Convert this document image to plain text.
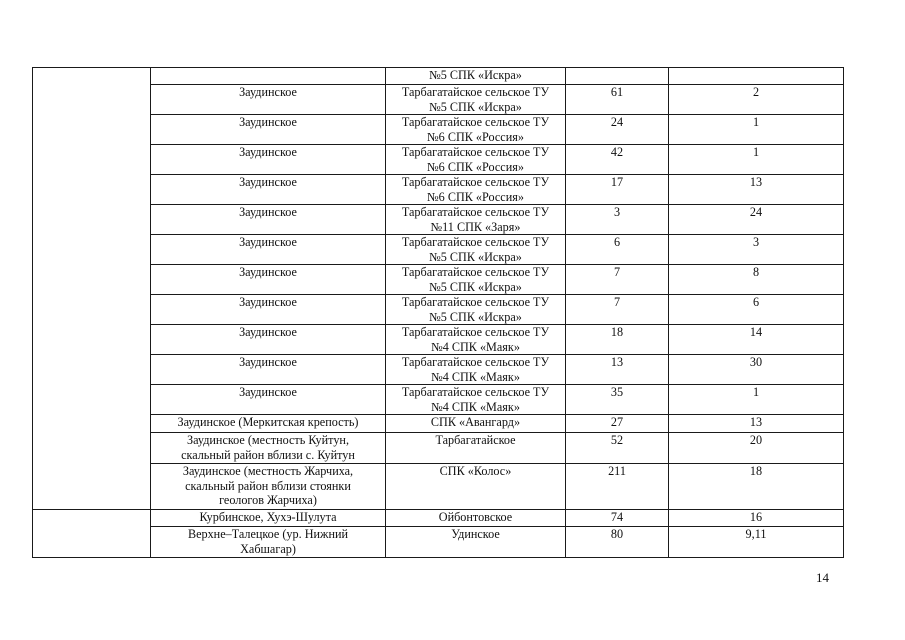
		№5 СПК «Искра»		
	Заудинское	Тарбагатайское сельское ТУ
№5 СПК «Искра»	61	2
	Заудинское	Тарбагатайское сельское ТУ
№6 СПК «Россия»	24	1
	Заудинское	Тарбагатайское сельское ТУ
№6 СПК «Россия»	42	1
	Заудинское	Тарбагатайское сельское ТУ
№6 СПК «Россия»	17	13
	Заудинское	Тарбагатайское сельское ТУ
№11 СПК «Заря»	3	24
	Заудинское	Тарбагатайское сельское ТУ
№5 СПК «Искра»	6	3
	Заудинское	Тарбагатайское сельское ТУ
№5 СПК «Искра»	7	8
	Заудинское	Тарбагатайское сельское ТУ
№5 СПК «Искра»	7	6
	Заудинское	Тарбагатайское сельское ТУ
№4 СПК «Маяк»	18	14
	Заудинское	Тарбагатайское сельское ТУ
№4 СПК «Маяк»	13	30
	Заудинское	Тарбагатайское сельское ТУ
№4 СПК «Маяк»	35	1
	Заудинское (Меркитская крепость)	СПК «Авангард»	27	13
	Заудинское (местность Куйтун,
скальный район вблизи с. Куйтун	Тарбагатайское	52	20
	Заудинское (местность Жарчиха,
скальный район вблизи стоянки
геологов Жарчиха)	СПК «Колос»	211	18
	Курбинское, Хухэ-Шулута	Ойбонтовское	74	16
	Верхне–Талецкое (ур. Нижний
Хабшагар)	Удинское	80	9,11
14
